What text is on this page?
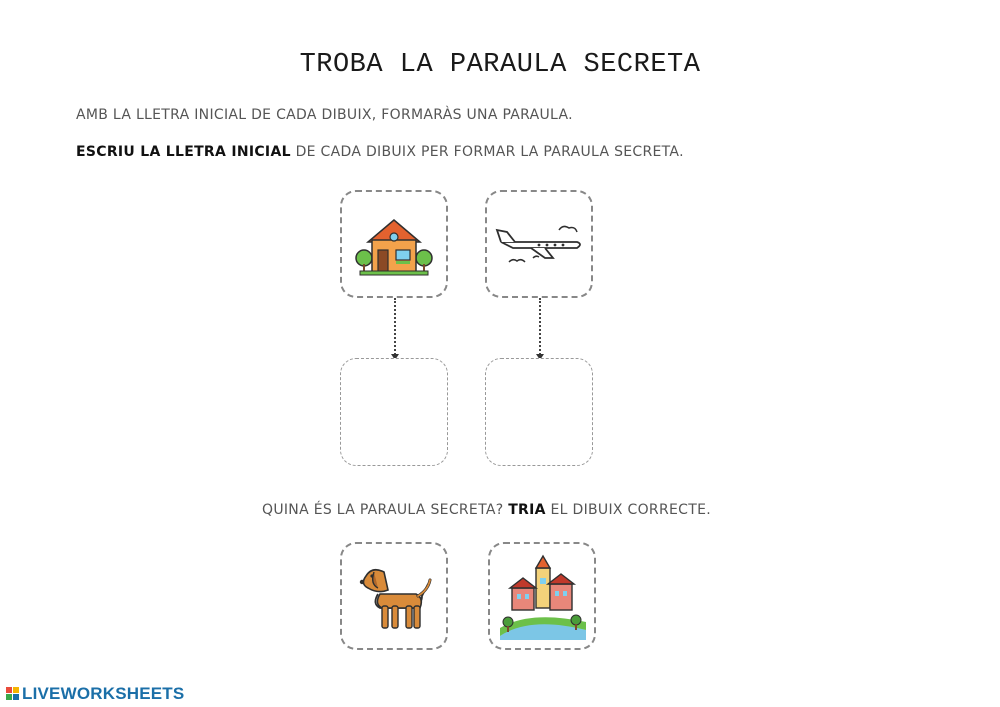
TROBA LA PARAULA SECRETA
AMB LA LLETRA INICIAL DE CADA DIBUIX, FORMARÀS UNA PARAULA.
ESCRIU LA LLETRA INICIAL DE CADA DIBUIX PER FORMAR LA PARAULA SECRETA.
QUINA ÉS LA PARAULA SECRETA? TRIA EL DIBUIX CORRECTE.
LIVEWORKSHEETS
